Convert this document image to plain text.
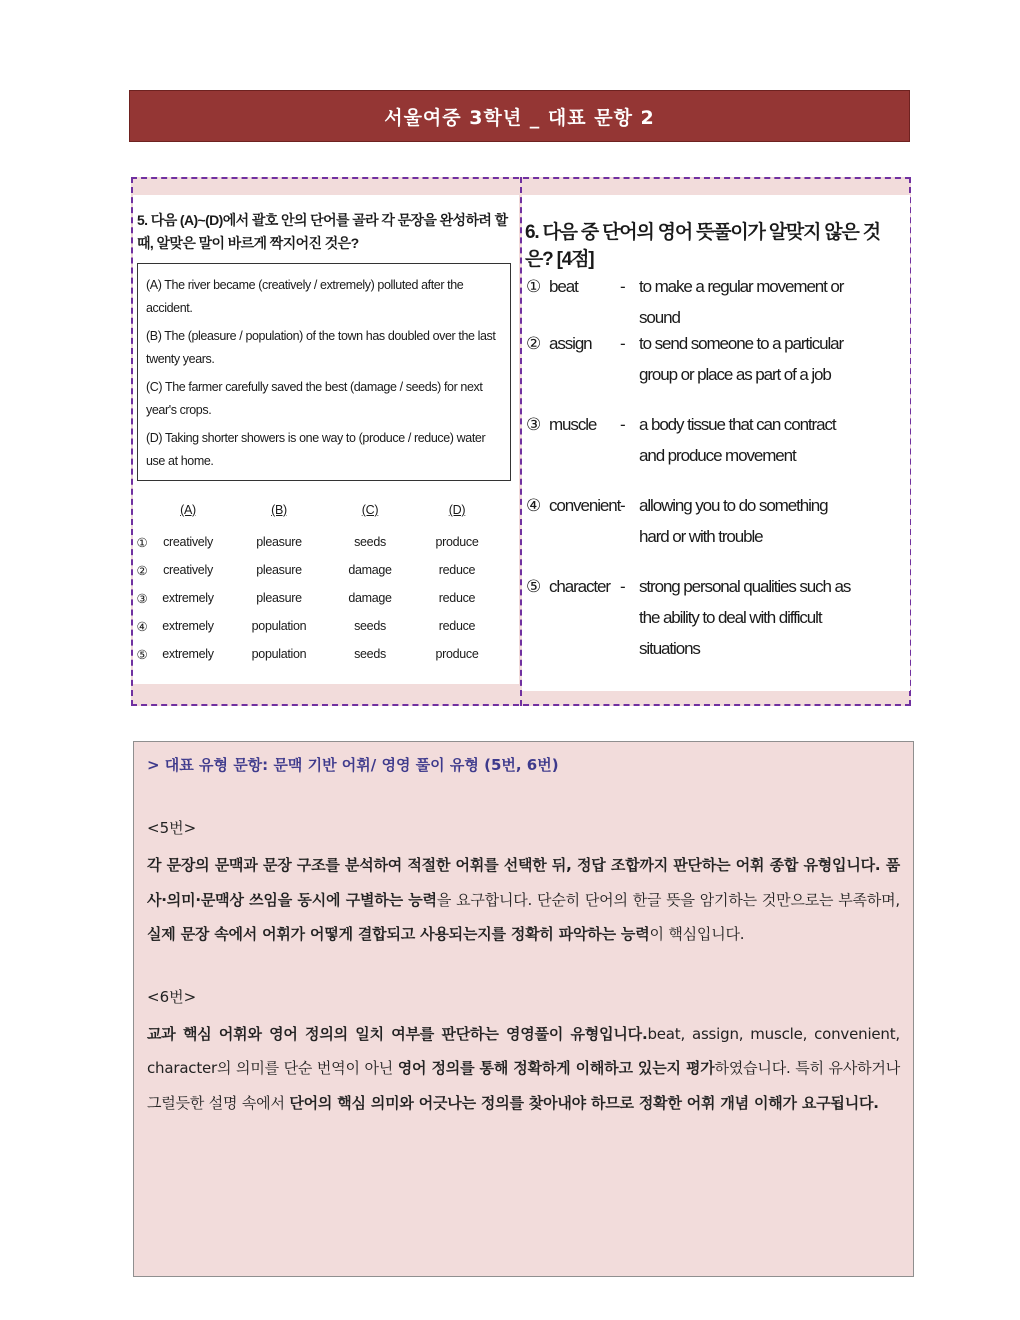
서울여중 3학년 _ 대표 문항 2
5. 다음 (A)~(D)에서 괄호 안의 단어를 골라 각 문장을 완성하려 할 때, 알맞은 말이 바르게 짝지어진 것은?

(A) The river became (creatively / extremely) polluted after the accident.

(B) The (pleasure / population) of the town has doubled over the last twenty years.

(C) The farmer carefully saved the best (damage / seeds) for next year's crops.

(D) Taking shorter showers is one way to (produce / reduce) water use at home.

(A)	(B)	(C)	(D)
①	creatively	pleasure	seeds	produce
②	creatively	pleasure	damage	reduce
③	extremely	pleasure	damage	reduce
④	extremely	population	seeds	reduce
⑤	extremely	population	seeds	produce
6. 다음 중 단어의 영어 뜻풀이가 알맞지 않은 것은? [4점]
① beat - to make a regular movement or sound
② assign - to send someone to a particular group or place as part of a job
③ muscle - a body tissue that can contract and produce movement
④ convenient - allowing you to do something hard or with trouble
⑤ character - strong personal qualities such as the ability to deal with difficult situations
> 대표 유형 문항: 문맥 기반 어휘/ 영영 풀이 유형 (5번, 6번)
<5번>
각 문장의 문맥과 문장 구조를 분석하여 적절한 어휘를 선택한 뒤, 정답 조합까지 판단하는 어휘 종합 유형입니다. 품사·의미·문맥상 쓰임을 동시에 구별하는 능력을 요구합니다. 단순히 단어의 한글 뜻을 암기하는 것만으로는 부족하며, 실제 문장 속에서 어휘가 어떻게 결합되고 사용되는지를 정확히 파악하는 능력이 핵심입니다.
<6번>
교과 핵심 어휘와 영어 정의의 일치 여부를 판단하는 영영풀이 유형입니다.beat, assign, muscle, convenient, character의 의미를 단순 번역이 아닌 영어 정의를 통해 정확하게 이해하고 있는지 평가하였습니다. 특히 유사하거나 그럴듯한 설명 속에서 단어의 핵심 의미와 어긋나는 정의를 찾아내야 하므로 정확한 어휘 개념 이해가 요구됩니다.
